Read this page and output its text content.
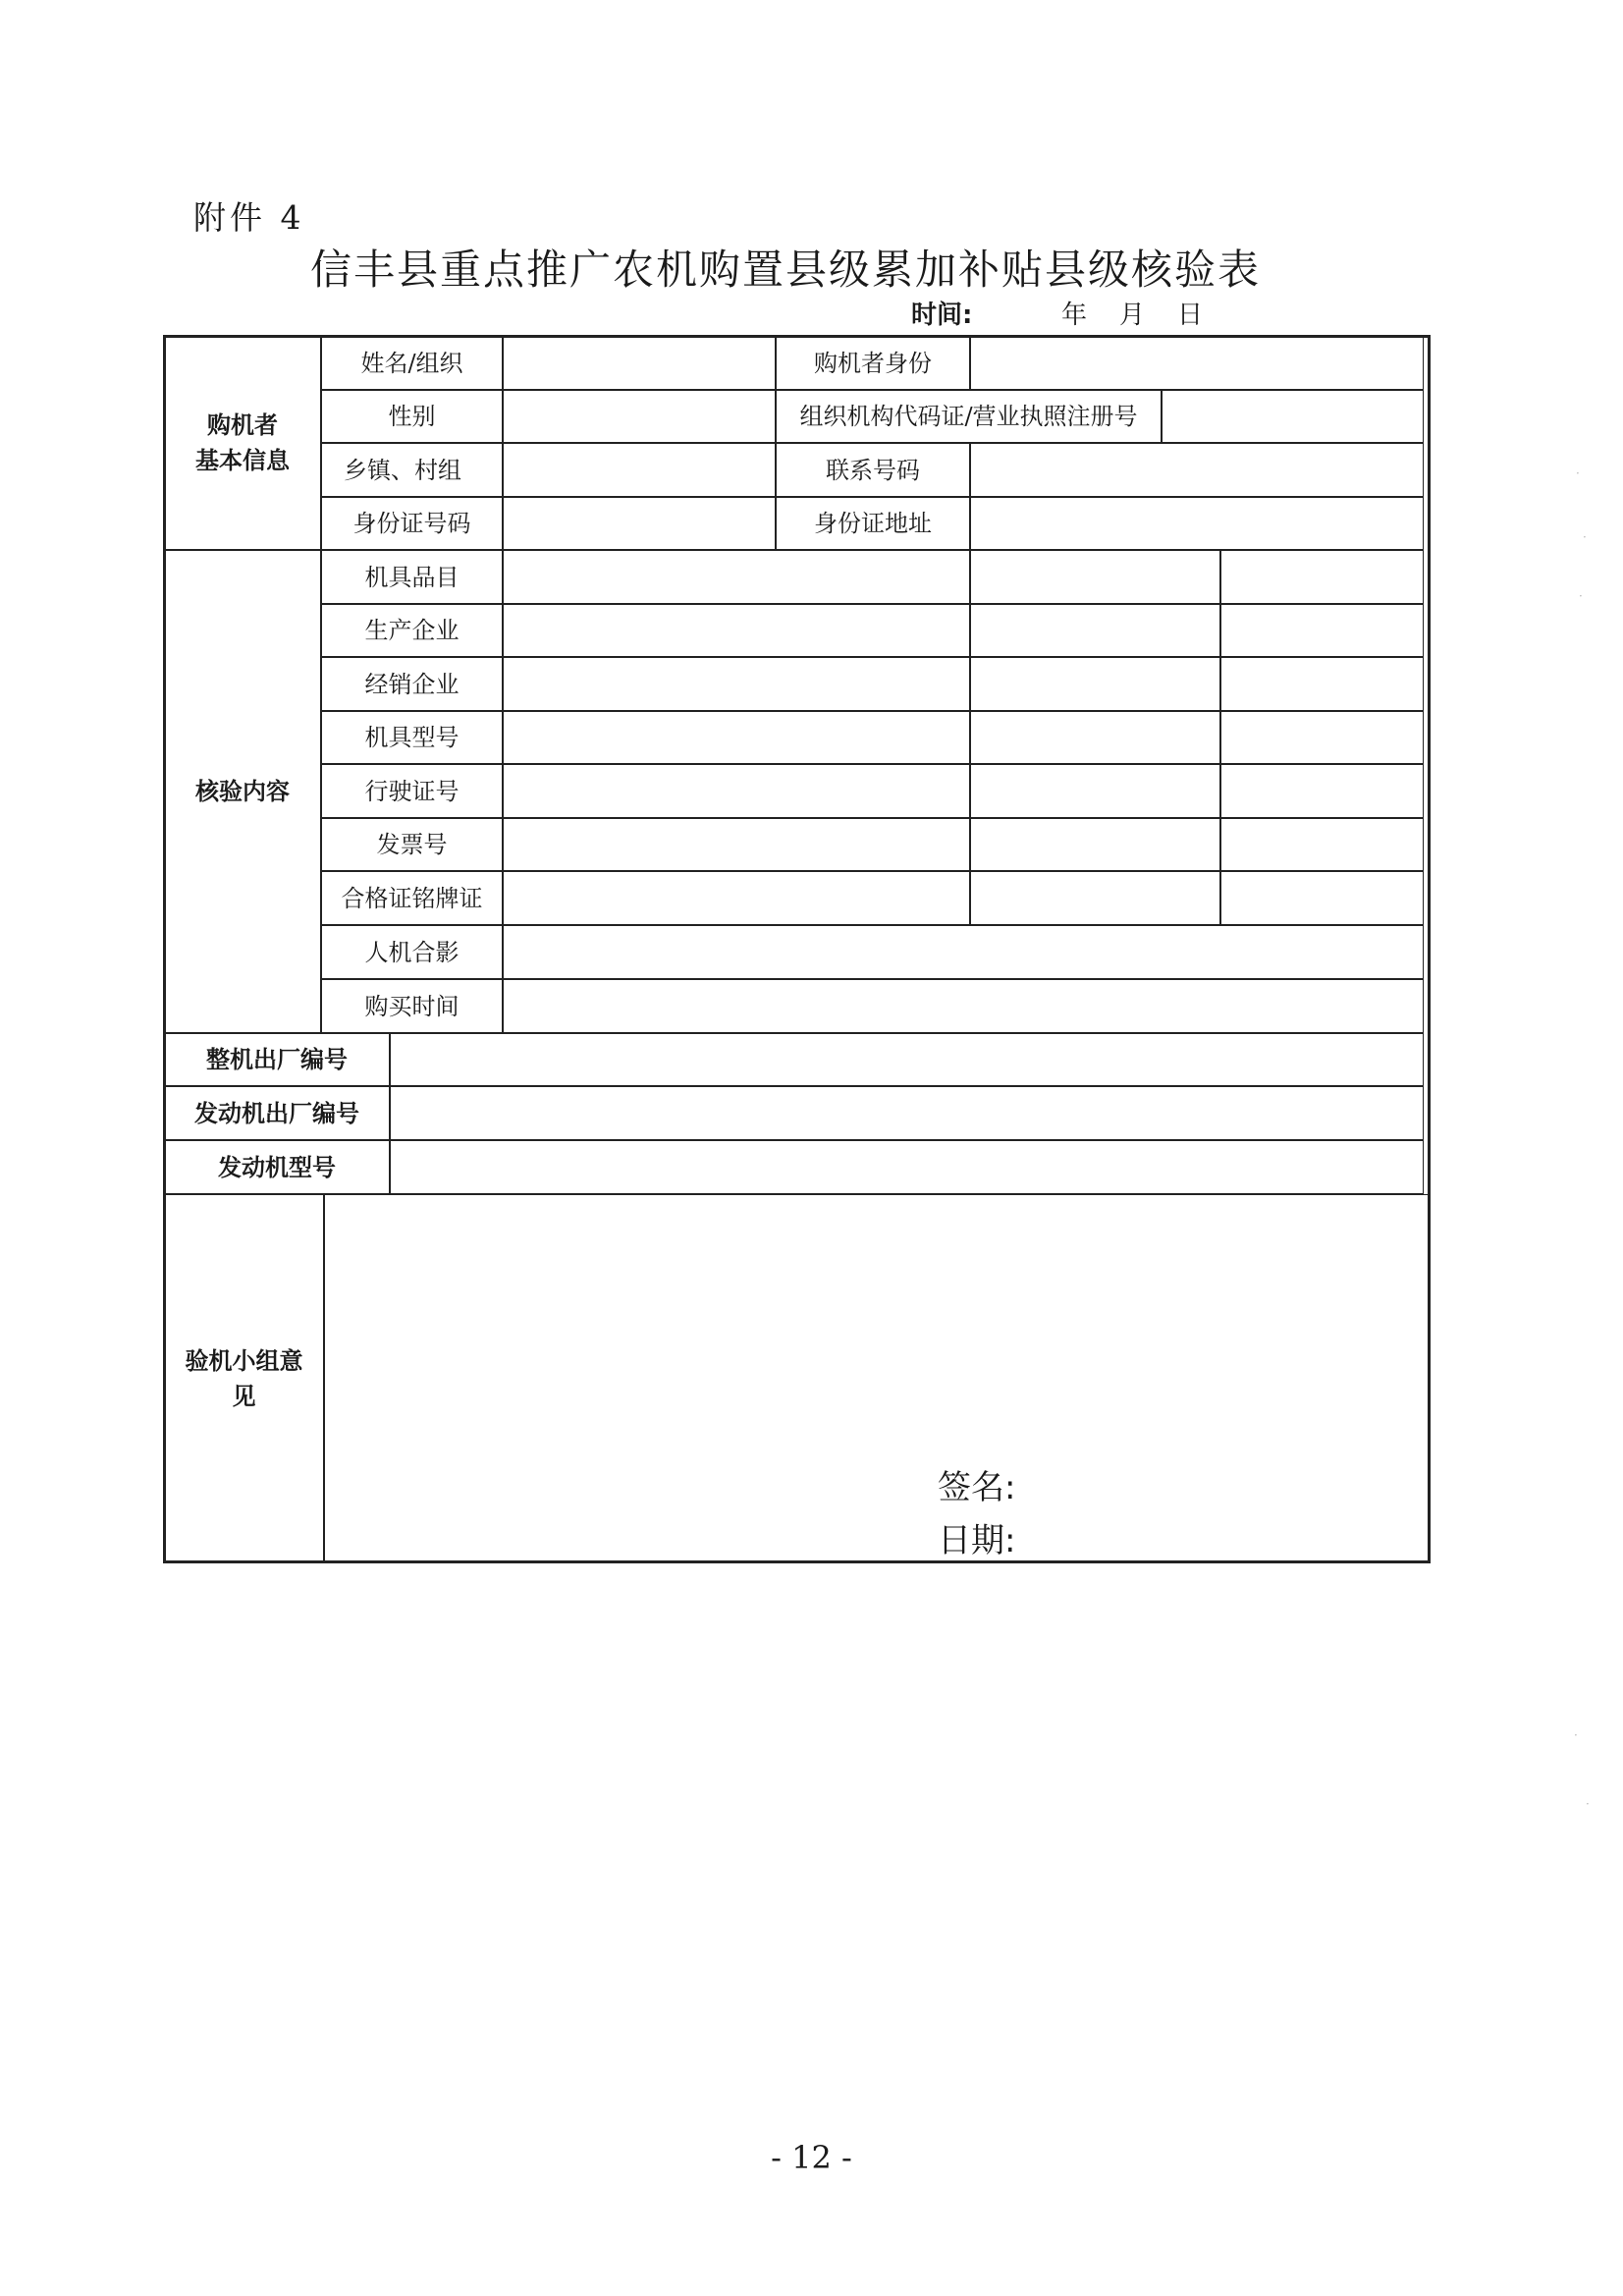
附件 4
信丰县重点推广农机购置县级累加补贴县级核验表
时间:	年    月    日
购机者
基本信息
姓名/组织	购机者身份
性别	组织机构代码证/营业执照注册号
乡镇、村组	联系号码
身份证号码	身份证地址
核验内容
机具品目
生产企业
经销企业
机具型号
行驶证号
发票号
合格证铭牌证
人机合影
购买时间
整机出厂编号
发动机出厂编号
发动机型号
验机小组意
见
签名:
日期:
- 12 -
·
·
·
·
·
